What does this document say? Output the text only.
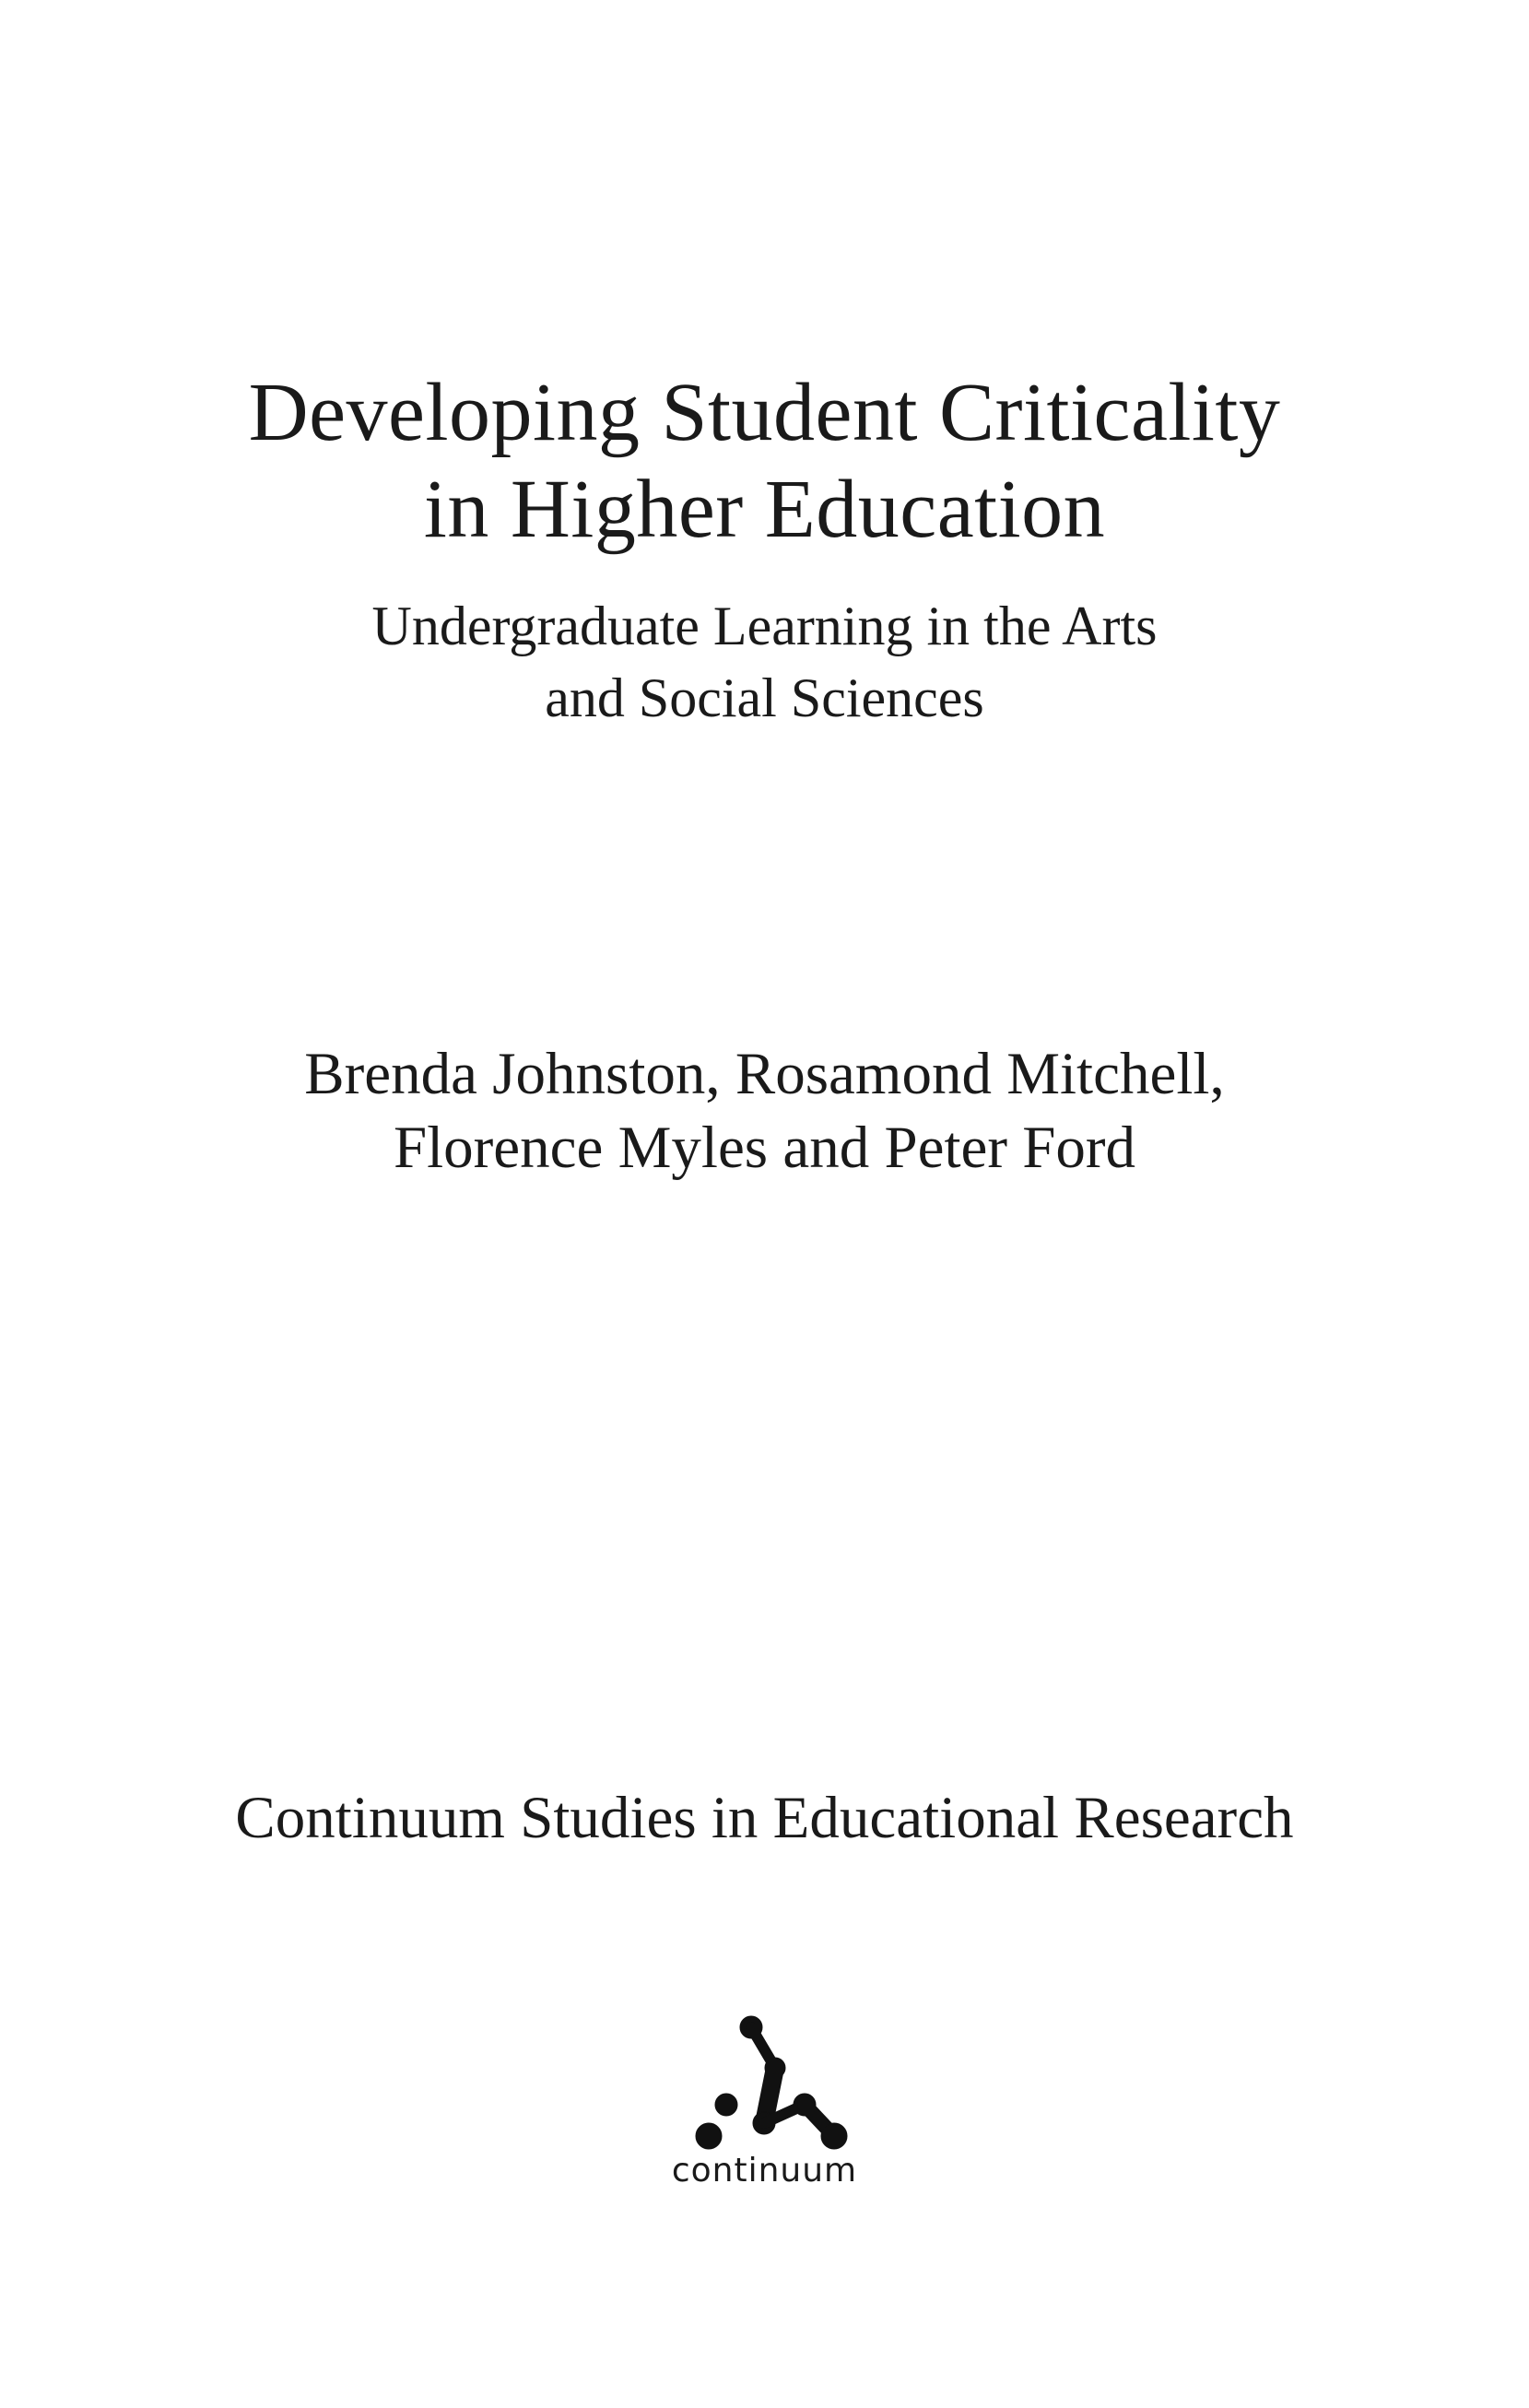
Developing Student Criticality
in Higher Education
Undergraduate Learning in the Arts
and Social Sciences
Brenda Johnston, Rosamond Mitchell,
Florence Myles and Peter Ford
Continuum Studies in Educational Research
continuum
